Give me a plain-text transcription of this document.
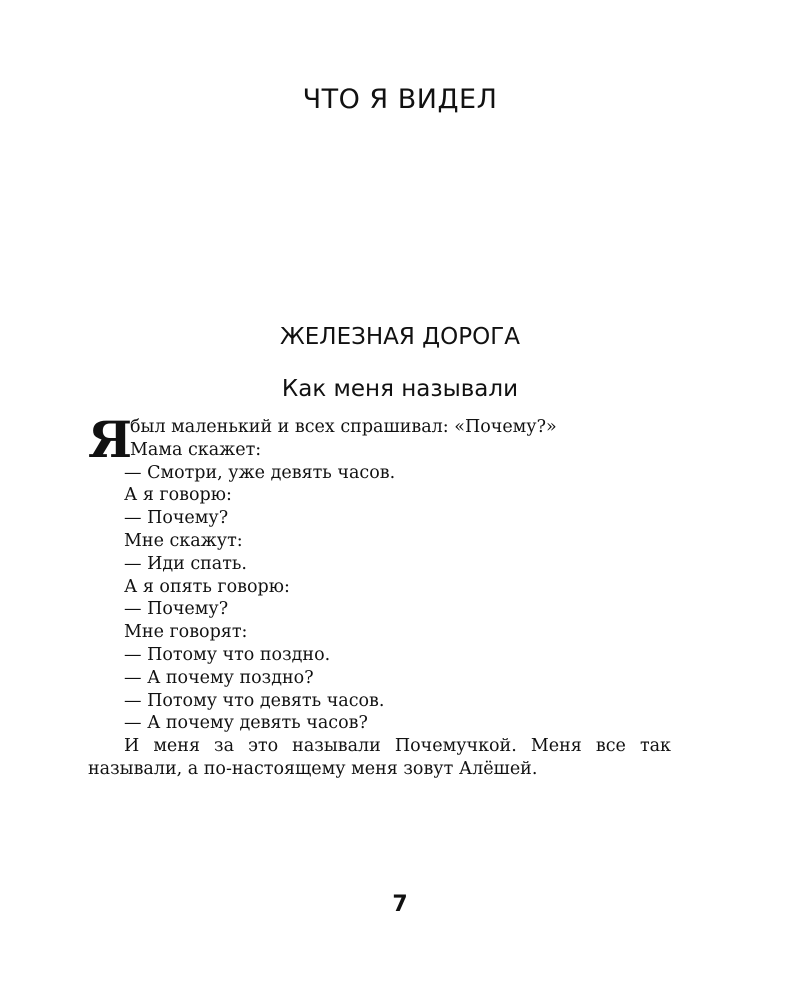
ЧТО Я ВИДЕЛ
ЖЕЛЕЗНАЯ ДОРОГА
Как меня называли
Я
был маленький и всех спрашивал: «Почему?»
Мама скажет:
— Смотри, уже девять часов.
А я говорю:
— Почему?
Мне скажут:
— Иди спать.
А я опять говорю:
— Почему?
Мне говорят:
— Потому что поздно.
— А почему поздно?
— Потому что девять часов.
— А почему девять часов?
И меня за это называли Почемучкой. Меня все так называли, а по-настоящему меня зовут Алёшей.
7
